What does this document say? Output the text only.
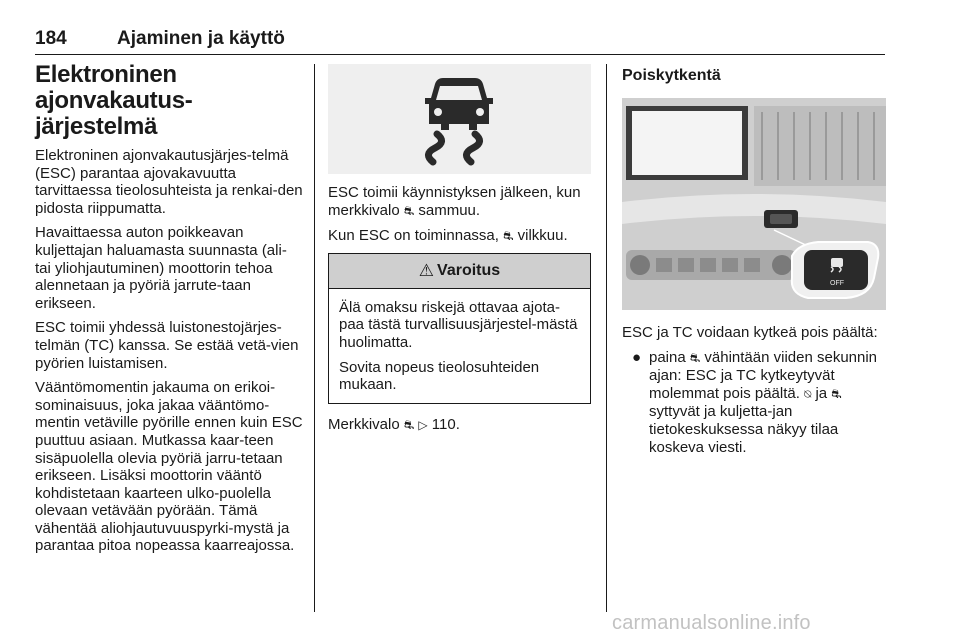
184	Ajaminen ja käyttö
Elektroninen ajonvakautus-järjestelmä

Elektroninen ajonvakautusjärjes-telmä (ESC) parantaa ajovakavuutta tarvittaessa tieolosuhteista ja renkai-den pidosta riippumatta.

Havaittaessa auton poikkeavan kuljettajan haluamasta suunnasta (ali- tai yliohjautuminen) moottorin tehoa alennetaan ja pyöriä jarrute-taan erikseen.

ESC toimii yhdessä luistonestojärjes-telmän (TC) kanssa. Se estää vetä-vien pyörien luistamisen.

Vääntömomentin jakauma on erikoi-sominaisuus, joka jakaa vääntömo-mentin vetäville pyörille ennen kuin ESC puuttuu asiaan. Mutkassa kaar-teen sisäpuolella olevia pyöriä jarru-tetaan erikseen. Lisäksi moottorin vääntö kohdistetaan kaarteen ulko-puolella olevaan vetävään pyörään. Tämä vähentää aliohjautuvuuspyrki-mystä ja parantaa pitoa nopeassa kaarreajossa.

ESC toimii käynnistyksen jälkeen, kun merkkivalo ⛐ sammuu.

Kun ESC on toiminnassa, ⛐ vilkkuu.

⚠ Varoitus

Älä omaksu riskejä ottavaa ajota-paa tästä turvallisuusjärjestel-mästä huolimatta.

Sovita nopeus tieolosuhteiden mukaan.

Merkkivalo ⛐ ▷ 110.

Poiskytkentä
OFF

ESC ja TC voidaan kytkeä pois päältä:

● paina ⛐ vähintään viiden sekunnin ajan: ESC ja TC kytkeytyvät molemmat pois päältä. ⍉ ja ⛐ syttyvät ja kuljetta-jan tietokeskuksessa näkyy tilaa koskeva viesti.

carmanualsonline.info
